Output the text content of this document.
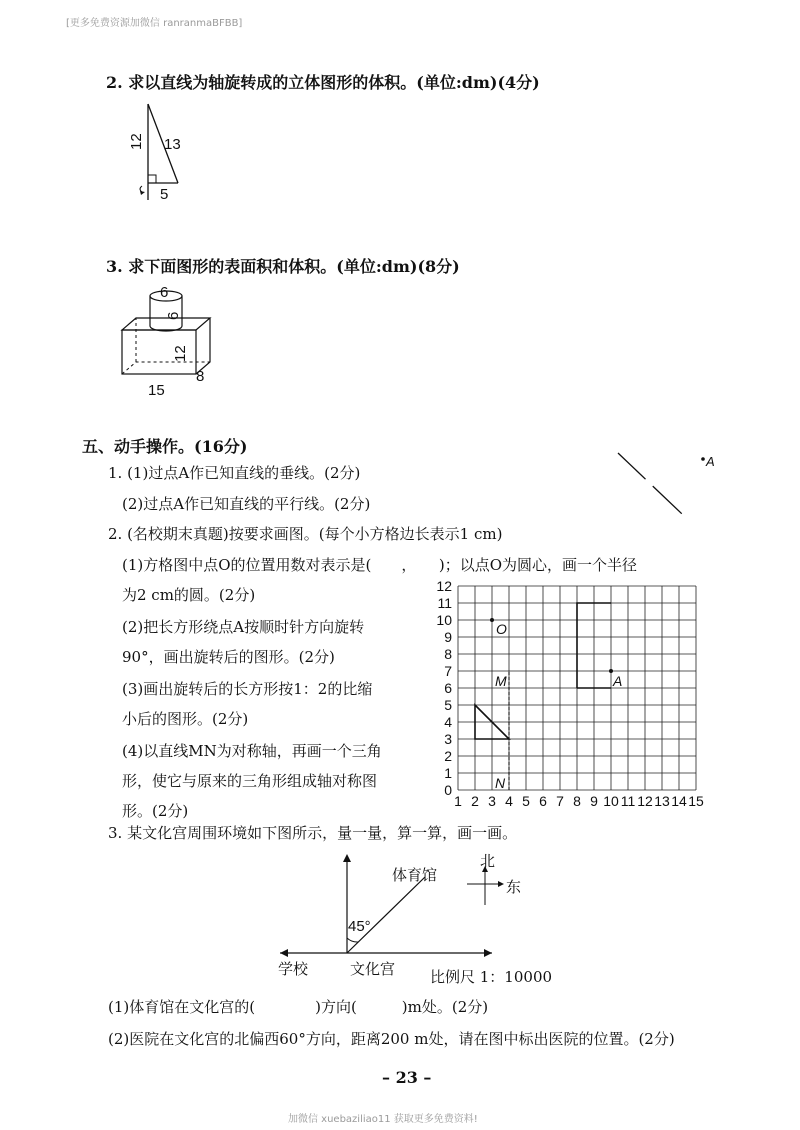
[更多免费资源加微信 ranranmaBFBB]
2. 求以直线为轴旋转成的立体图形的体积。(单位:dm)(4分)
12 13
5
3. 求下面图形的表面积和体积。(单位:dm)(8分)
6
6
12
8
15
五、动手操作。(16分)
1. (1)过点A作已知直线的垂线。(2分)
(2)过点A作已知直线的平行线。(2分)
A
2. (名校期末真题)按要求画图。(每个小方格边长表示1 cm)
(1)方格图中点O的位置用数对表示是(　　，　　)；以点O为圆心，画一个半径
为2 cm的圆。(2分)
(2)把长方形绕点A按顺时针方向旋转
90°，画出旋转后的图形。(2分)
(3)画出旋转后的长方形按1：2的比缩
小后的图形。(2分)
(4)以直线MN为对称轴，再画一个三角
形，使它与原来的三角形组成轴对称图
形。(2分)
1 2 3 4 5 6 7 8 9 10 11 12 13 14 15
0
1
2
3
4
5
6
7
8
9
10
11
12
O
M
N
A
3. 某文化宫周围环境如下图所示，量一量，算一算，画一画。
体育馆
学校	文化宫
45°
北
东
比例尺 1：10000
(1)体育馆在文化宫的(　　　　)方向(　　　)m处。(2分)
(2)医院在文化宫的北偏西60°方向，距离200 m处，请在图中标出医院的位置。(2分)
– 23 –
加微信 xuebaziliao11 获取更多免费资料!
